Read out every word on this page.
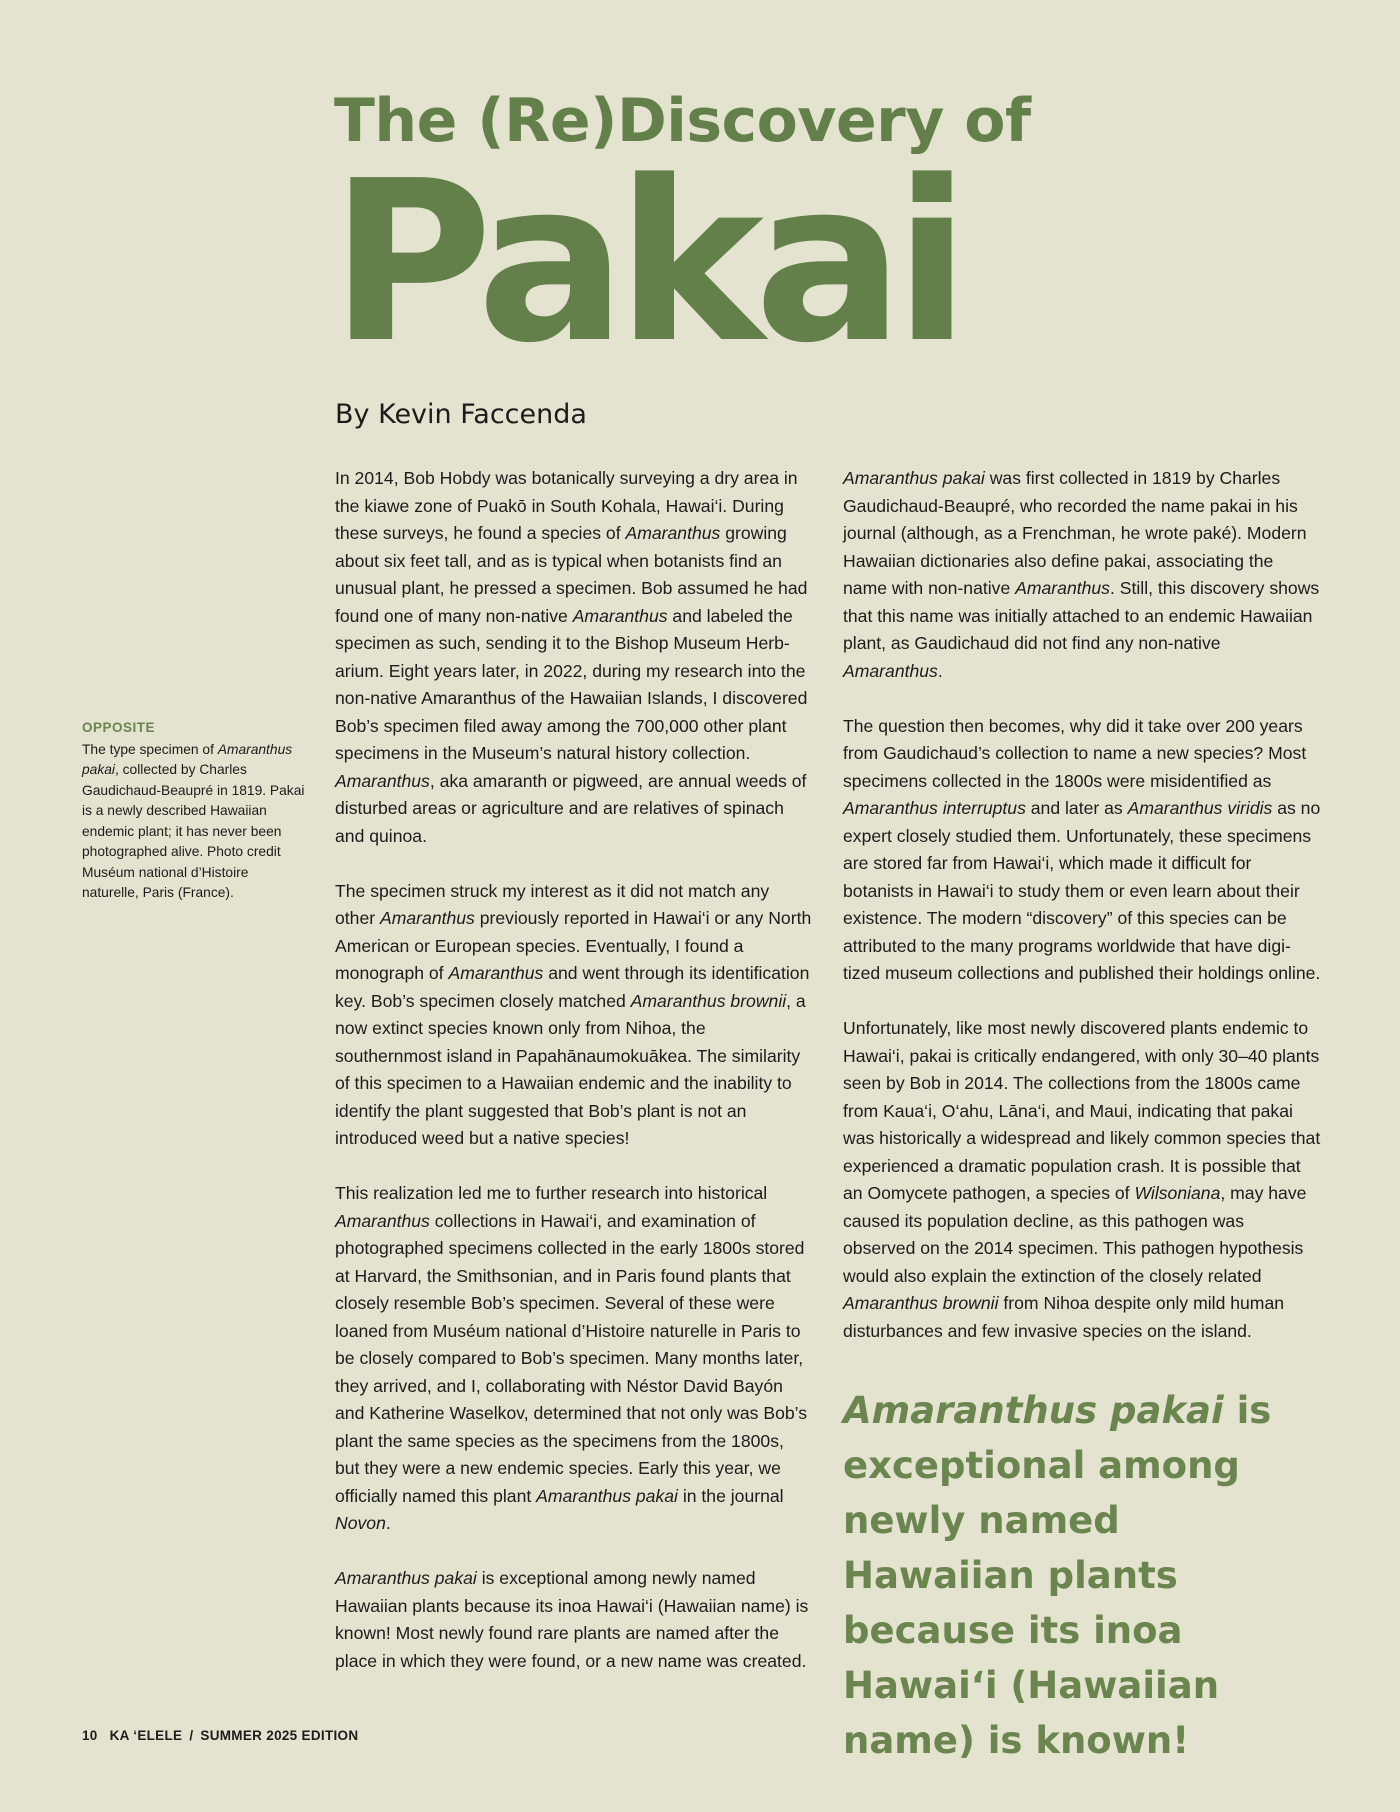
The (Re)Discovery of
Pakai
By Kevin Faccenda
OPPOSITE
The type specimen of Amaranthus pakai, collected by Charles Gaudichaud-Beaupré in 1819. Pakai is a newly described Hawaiian endemic plant; it has never been photographed alive. Photo credit Muséum national d’Histoire naturelle, Paris (France).

In 2014, Bob Hobdy was botanically surveying a dry area in the kiawe zone of Puakō in South Kohala, Hawai‘i. During these surveys, he found a species of Amaranthus growing about six feet tall, and as is typical when botanists find an unusual plant, he pressed a specimen. Bob assumed he had found one of many non-native Amaranthus and labeled the specimen as such, sending it to the Bishop Museum Herbarium. Eight years later, in 2022, during my research into the non-native Amaranthus of the Hawaiian Islands, I discovered Bob’s specimen filed away among the 700,000 other plant specimens in the Museum’s natural history collection. Amaranthus, aka amaranth or pigweed, are annual weeds of disturbed areas or agriculture and are relatives of spinach and quinoa.

The specimen struck my interest as it did not match any other Amaranthus previously reported in Hawai‘i or any North American or European species. Eventually, I found a monograph of Amaranthus and went through its identification key. Bob’s specimen closely matched Amaranthus brownii, a now extinct species known only from Nihoa, the southernmost island in Papahānaumokuākea. The similarity of this specimen to a Hawaiian endemic and the inability to identify the plant suggested that Bob’s plant is not an introduced weed but a native species!

This realization led me to further research into historical Amaranthus collections in Hawai‘i, and examination of photographed specimens collected in the early 1800s stored at Harvard, the Smithsonian, and in Paris found plants that closely resemble Bob’s specimen. Several of these were loaned from Muséum national d’Histoire naturelle in Paris to be closely compared to Bob’s specimen. Many months later, they arrived, and I, collaborating with Néstor David Bayón and Katherine Waselkov, determined that not only was Bob’s plant the same species as the specimens from the 1800s, but they were a new endemic species. Early this year, we officially named this plant Amaranthus pakai in the journal Novon.

Amaranthus pakai is exceptional among newly named Hawaiian plants because its inoa Hawai‘i (Hawaiian name) is known! Most newly found rare plants are named after the place in which they were found, or a new name was created.

Amaranthus pakai was first collected in 1819 by Charles Gaudichaud-Beaupré, who recorded the name pakai in his journal (although, as a Frenchman, he wrote paké). Modern Hawaiian dictionaries also define pakai, associating the name with non-native Amaranthus. Still, this discovery shows that this name was initially attached to an endemic Hawaiian plant, as Gaudichaud did not find any non-native Amaranthus.

The question then becomes, why did it take over 200 years from Gaudichaud’s collection to name a new species? Most specimens collected in the 1800s were misidentified as Amaranthus interruptus and later as Amaranthus viridis as no expert closely studied them. Unfortunately, these specimens are stored far from Hawai‘i, which made it difficult for botanists in Hawai‘i to study them or even learn about their existence. The modern “discovery” of this species can be attributed to the many programs worldwide that have digitized museum collections and published their holdings online.

Unfortunately, like most newly discovered plants endemic to Hawai‘i, pakai is critically endangered, with only 30–40 plants seen by Bob in 2014. The collections from the 1800s came from Kaua‘i, O‘ahu, Lāna‘i, and Maui, indicating that pakai was historically a widespread and likely common species that experienced a dramatic population crash. It is possible that an Oomycete pathogen, a species of Wilsoniana, may have caused its population decline, as this pathogen was observed on the 2014 specimen. This pathogen hypothesis would also explain the extinction of the closely related Amaranthus brownii from Nihoa despite only mild human disturbances and few invasive species on the island.

Amaranthus pakai is exceptional among newly named Hawaiian plants because its inoa Hawai‘i (Hawaiian name) is known!
10 KA ‘ELELE / SUMMER 2025 EDITION
